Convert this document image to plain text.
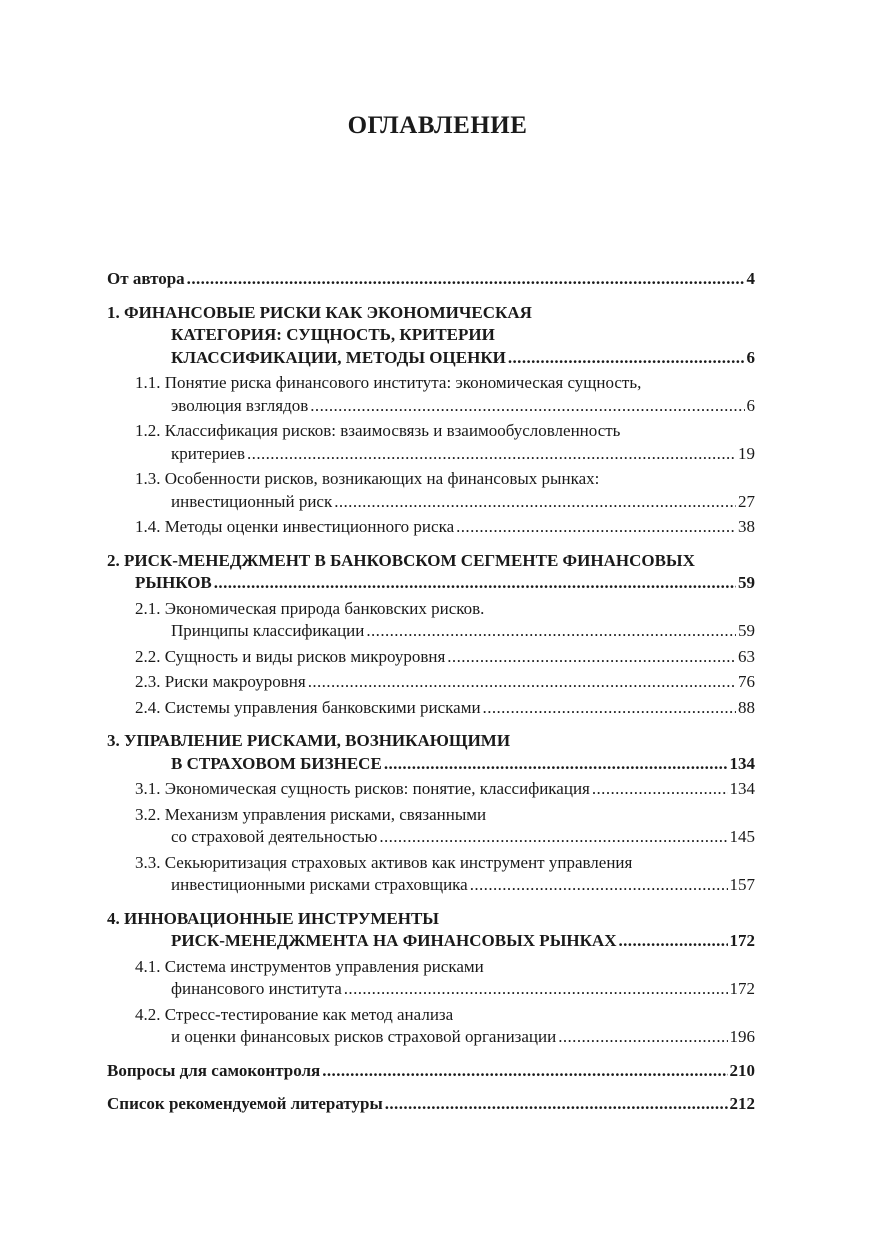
ОГЛАВЛЕНИЕ
От автора .....	4
1. ФИНАНСОВЫЕ РИСКИ КАК ЭКОНОМИЧЕСКАЯ
КАТЕГОРИЯ: СУЩНОСТЬ, КРИТЕРИИ
КЛАССИФИКАЦИИ, МЕТОДЫ ОЦЕНКИ .....	6
1.1. Понятие риска финансового института: экономическая сущность,
эволюция взглядов .....	6
1.2. Классификация рисков: взаимосвязь и взаимообусловленность
критериев .....	19
1.3. Особенности рисков, возникающих на финансовых рынках:
инвестиционный риск .....	27
1.4. Методы оценки инвестиционного риска .....	38
2. РИСК-МЕНЕДЖМЕНТ В БАНКОВСКОМ СЕГМЕНТЕ ФИНАНСОВЫХ
РЫНКОВ .....	59
2.1. Экономическая природа банковских рисков.
Принципы классификации .....	59
2.2. Сущность и виды рисков микроуровня .....	63
2.3. Риски макроуровня .....	76
2.4. Системы управления банковскими рисками .....	88
3. УПРАВЛЕНИЕ РИСКАМИ, ВОЗНИКАЮЩИМИ
В СТРАХОВОМ БИЗНЕСЕ .....	134
3.1. Экономическая сущность рисков: понятие, классификация .....	134
3.2. Механизм управления рисками, связанными
со страховой деятельностью .....	145
3.3. Секьюритизация страховых активов как инструмент управления
инвестиционными рисками страховщика .....	157
4. ИННОВАЦИОННЫЕ ИНСТРУМЕНТЫ
РИСК-МЕНЕДЖМЕНТА НА ФИНАНСОВЫХ РЫНКАХ .....	172
4.1. Система инструментов управления рисками
финансового института .....	172
4.2. Стресс-тестирование как метод анализа
и оценки финансовых рисков страховой организации .....	196
Вопросы для самоконтроля .....	210
Список рекомендуемой литературы .....	212
